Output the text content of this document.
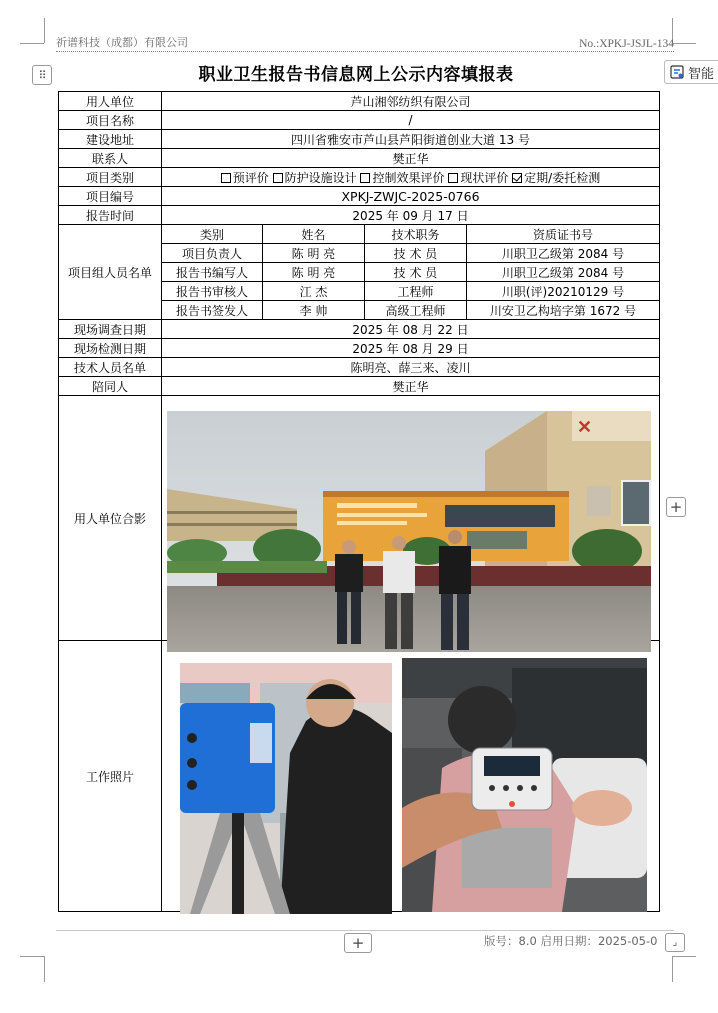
祈谱科技（成都）有限公司	No.:XPKJ-JSJL-134
⠿	智能
+
职业卫生报告书信息网上公示内容填报表
用人单位	芦山湘邻纺织有限公司			
项目名称	/			
建设地址	四川省雅安市芦山县芦阳街道创业大道 13 号			
联系人	樊正华			
项目类别	预评价 防护设施设计 控制效果评价 现状评价 定期/委托检测			
项目编号	XPKJ-ZWJC-2025-0766			
报告时间	2025 年 09 月 17 日			
项目组人员名单	类别	姓名	技术职务	资质证书号
	项目负责人	陈 明 亮	技 术 员	川职卫乙级第 2084 号
	报告书编写人	陈 明 亮	技 术 员	川职卫乙级第 2084 号
	报告书审核人	江 杰	工程师	川职(评)20210129 号
	报告书签发人	李 帅	高级工程师	川安卫乙构培字第 1672 号
现场调查日期	2025 年 08 月 22 日			
现场检测日期	2025 年 08 月 29 日			
技术人员名单	陈明亮、薛三来、凌川			
陪同人	樊正华			
用人单位合影				
工作照片				
✕
+	版号：8.0 启用日期：2025-05-0	⌟
